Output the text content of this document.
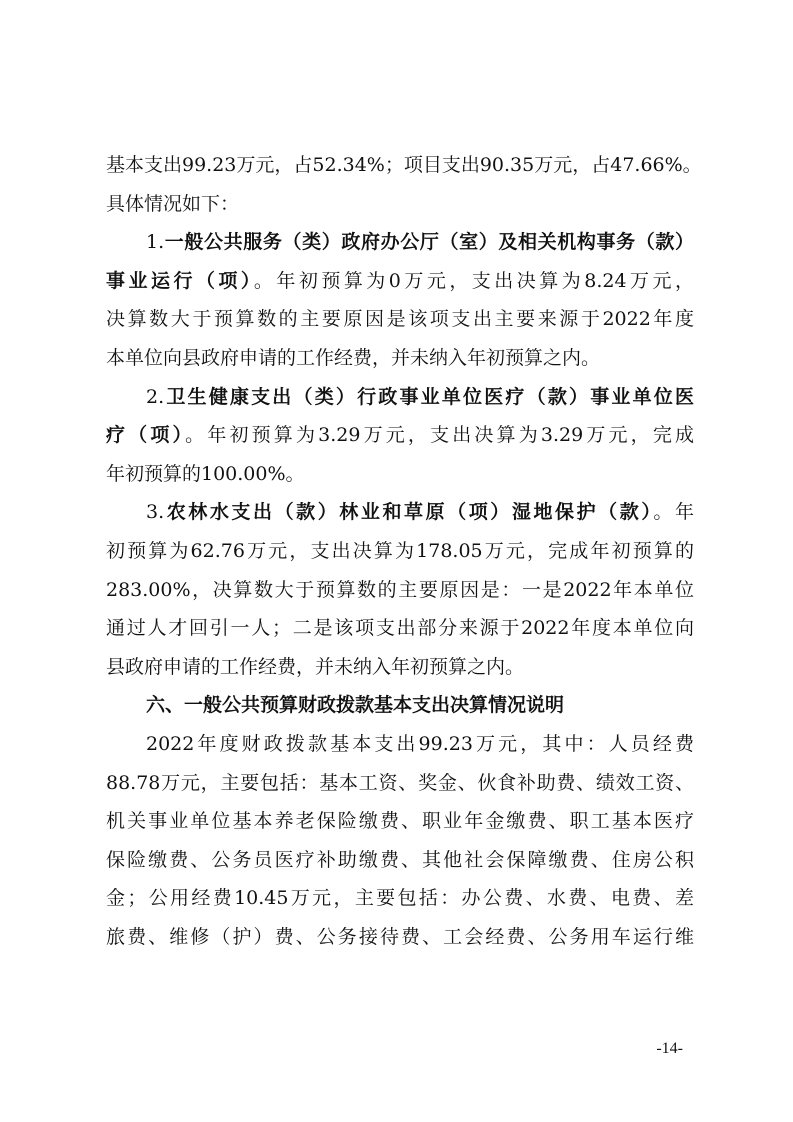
基本支出99.23万元，占52.34%；项目支出90.35万元，占47.66%。
具体情况如下：
1.一般公共服务（类）政府办公厅（室）及相关机构事务（款）
事业运行（项）。年初预算为0万元，支出决算为8.24万元，
决算数大于预算数的主要原因是该项支出主要来源于2022年度
本单位向县政府申请的工作经费，并未纳入年初预算之内。
2.卫生健康支出（类）行政事业单位医疗（款）事业单位医
疗（项）。年初预算为3.29万元，支出决算为3.29万元，完成
年初预算的100.00%。
3.农林水支出（款）林业和草原（项）湿地保护（款）。年
初预算为62.76万元，支出决算为178.05万元，完成年初预算的
283.00%，决算数大于预算数的主要原因是：一是2022年本单位
通过人才回引一人；二是该项支出部分来源于2022年度本单位向
县政府申请的工作经费，并未纳入年初预算之内。
六、一般公共预算财政拨款基本支出决算情况说明
2022年度财政拨款基本支出99.23万元，其中：人员经费
88.78万元，主要包括：基本工资、奖金、伙食补助费、绩效工资、
机关事业单位基本养老保险缴费、职业年金缴费、职工基本医疗
保险缴费、公务员医疗补助缴费、其他社会保障缴费、住房公积
金；公用经费10.45万元，主要包括：办公费、水费、电费、差
旅费、维修（护）费、公务接待费、工会经费、公务用车运行维
-14-
